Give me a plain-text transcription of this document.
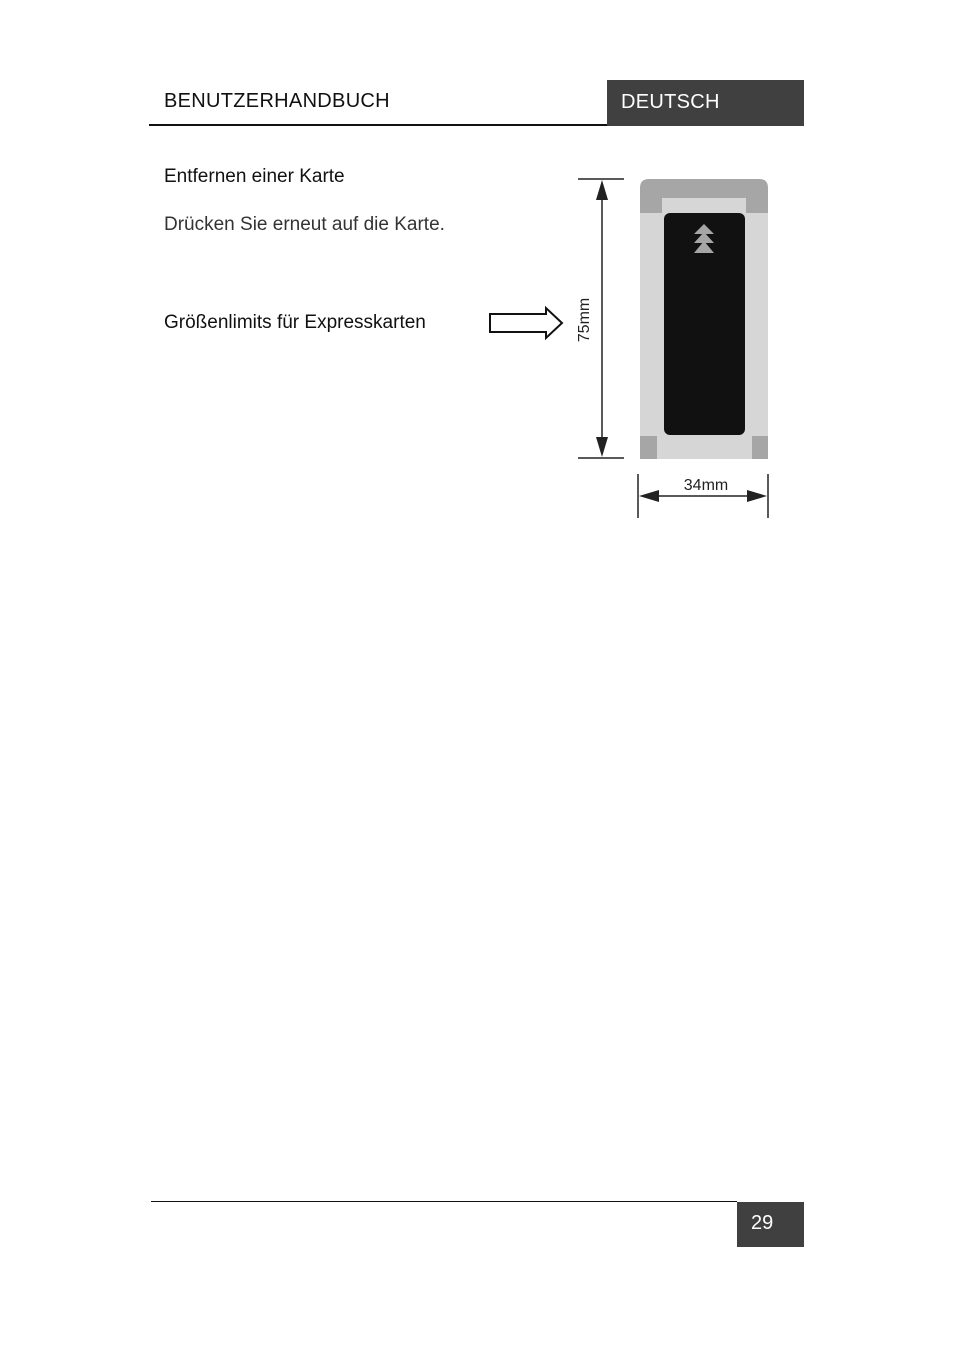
BENUTZERHANDBUCH	DEUTSCH
Entfernen einer Karte
Drücken Sie erneut auf die Karte.
Größenlimits für Expresskarten	75mm
34mm
29
